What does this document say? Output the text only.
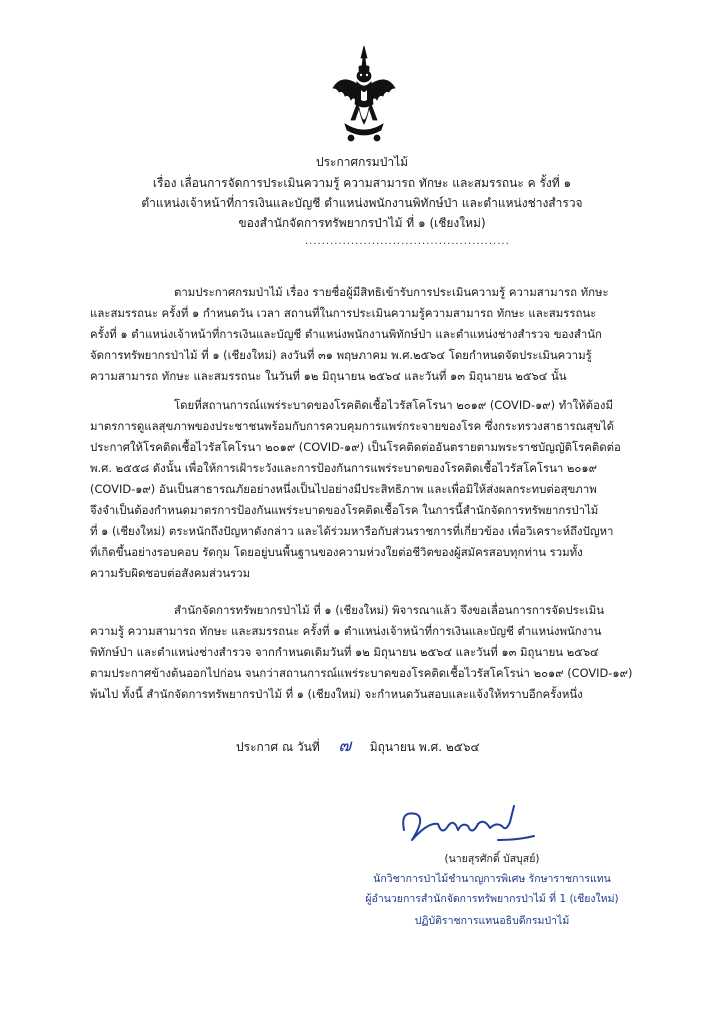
ประกาศกรมป่าไม้
เรื่อง เลื่อนการจัดการประเมินความรู้ ความสามารถ ทักษะ และสมรรถนะ ค รั้งที่ ๑
ตำแหน่งเจ้าหน้าที่การเงินและบัญชี ตำแหน่งพนักงานพิทักษ์ป่า และตำแหน่งช่างสำรวจ
ของสำนักจัดการทรัพยากรป่าไม้ ที่ ๑ (เชียงใหม่)
.................................................
ตามประกาศกรมป่าไม้ เรื่อง รายชื่อผู้มีสิทธิเข้ารับการประเมินความรู้ ความสามารถ ทักษะ
และสมรรถนะ ครั้งที่ ๑ กำหนดวัน เวลา สถานที่ในการประเมินความรู้ความสามารถ ทักษะ และสมรรถนะ
ครั้งที่ ๑ ตำแหน่งเจ้าหน้าที่การเงินและบัญชี ตำแหน่งพนักงานพิทักษ์ป่า และตำแหน่งช่างสำรวจ ของสำนัก
จัดการทรัพยากรป่าไม้ ที่ ๑ (เชียงใหม่) ลงวันที่ ๓๑ พฤษภาคม พ.ศ.๒๕๖๔ โดยกำหนดจัดประเมินความรู้
ความสามารถ ทักษะ และสมรรถนะ ในวันที่ ๑๒ มิถุนายน ๒๕๖๔ และวันที่ ๑๓ มิถุนายน ๒๕๖๔ นั้น
โดยที่สถานการณ์แพร่ระบาดของโรคติดเชื้อไวรัสโคโรนา ๒๐๑๙ (COVID-๑๙) ทำให้ต้องมี
มาตรการดูแลสุขภาพของประชาชนพร้อมกับการควบคุมการแพร่กระจายของโรค ซึ่งกระทรวงสาธารณสุขได้
ประกาศให้โรคติดเชื้อไวรัสโคโรนา ๒๐๑๙ (COVID-๑๙) เป็นโรคติดต่ออันตรายตามพระราชบัญญัติโรคติดต่อ
พ.ศ. ๒๕๕๘ ดังนั้น เพื่อให้การเฝ้าระวังและการป้องกันการแพร่ระบาดของโรคติดเชื้อไวรัสโคโรนา ๒๐๑๙
(COVID-๑๙) อันเป็นสาธารณภัยอย่างหนึ่งเป็นไปอย่างมีประสิทธิภาพ และเพื่อมิให้ส่งผลกระทบต่อสุขภาพ
จึงจำเป็นต้องกำหนดมาตรการป้องกันแพร่ระบาดของโรคติดเชื้อโรค ในการนี้สำนักจัดการทรัพยากรป่าไม้
ที่ ๑ (เชียงใหม่) ตระหนักถึงปัญหาดังกล่าว และได้ร่วมหารือกับส่วนราชการที่เกี่ยวข้อง เพื่อวิเคราะห์ถึงปัญหา
ที่เกิดขึ้นอย่างรอบคอบ รัดกุม โดยอยู่บนพื้นฐานของความห่วงใยต่อชีวิตของผู้สมัครสอบทุกท่าน รวมทั้ง
ความรับผิดชอบต่อสังคมส่วนรวม
สำนักจัดการทรัพยากรป่าไม้ ที่ ๑ (เชียงใหม่) พิจารณาแล้ว จึงขอเลื่อนการการจัดประเมิน
ความรู้ ความสามารถ ทักษะ และสมรรถนะ ครั้งที่ ๑ ตำแหน่งเจ้าหน้าที่การเงินและบัญชี ตำแหน่งพนักงาน
พิทักษ์ป่า และตำแหน่งช่างสำรวจ จากกำหนดเดิมวันที่ ๑๒ มิถุนายน ๒๕๖๔ และวันที่ ๑๓ มิถุนายน ๒๕๖๔
ตามประกาศข้างต้นออกไปก่อน จนกว่าสถานการณ์แพร่ระบาดของโรคติดเชื้อไวรัสโคโรน่า ๒๐๑๙ (COVID-๑๙)
พ้นไป ทั้งนี้ สำนักจัดการทรัพยากรป่าไม้ ที่ ๑ (เชียงใหม่) จะกำหนดวันสอบและแจ้งให้ทราบอีกครั้งหนึ่ง
ประกาศ ณ วันที่ ๗ มิถุนายน พ.ศ. ๒๕๖๔
(นายสุรศักดิ์ บัสบุสย์)
นักวิชาการป่าไม้ชำนาญการพิเศษ รักษาราชการแทน
ผู้อำนวยการสำนักจัดการทรัพยากรป่าไม้ ที่ 1 (เชียงใหม่)
ปฏิบัติราชการแทนอธิบดีกรมป่าไม้
